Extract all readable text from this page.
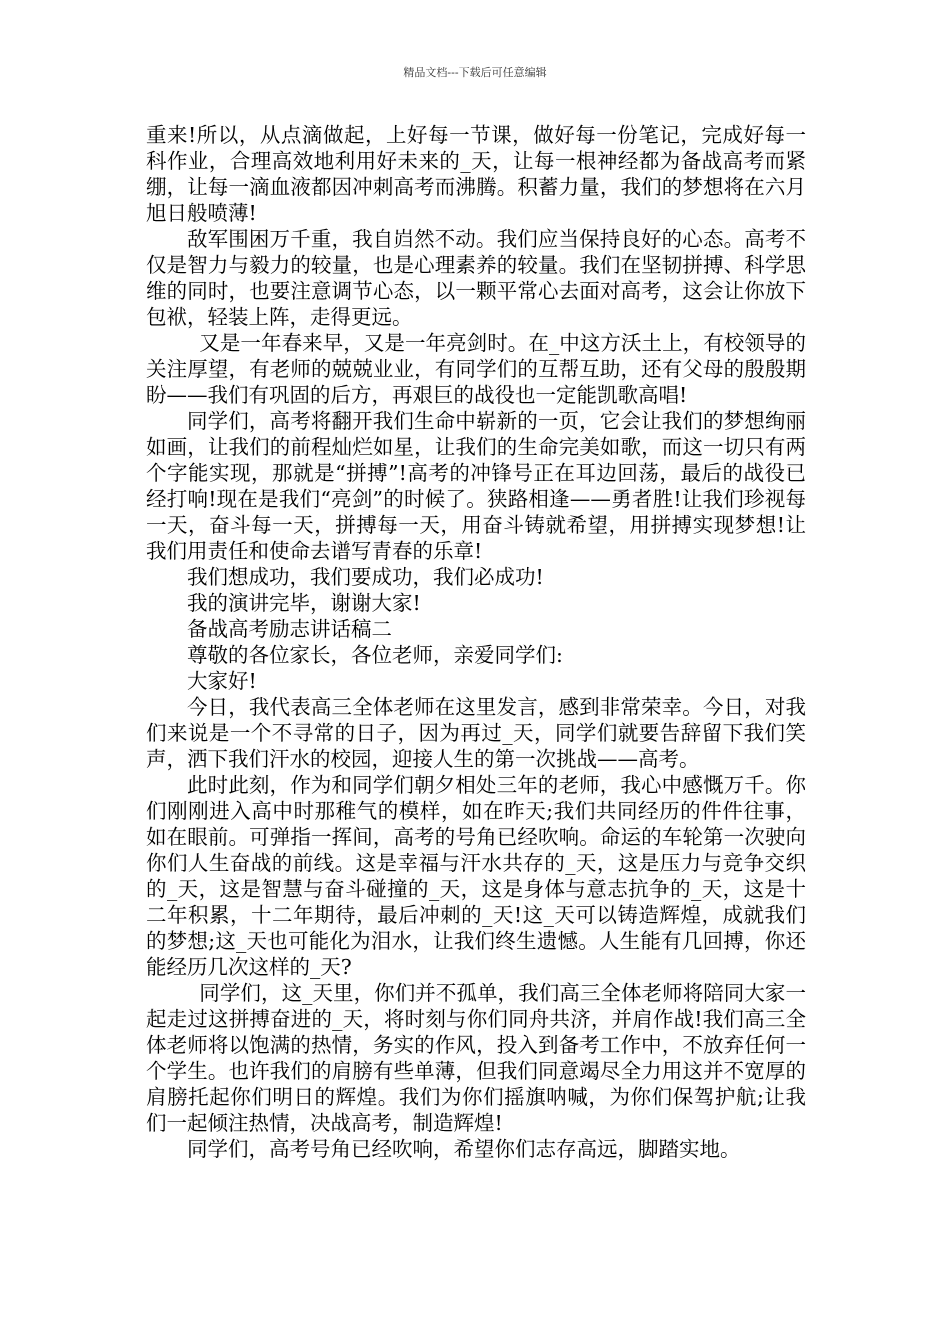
精品文档---下载后可任意编辑

重来!所以，从点滴做起，上好每一节课，做好每一份笔记，完成好每一科作业，合理高效地利用好未来的_天，让每一根神经都为备战高考而紧绷，让每一滴血液都因冲刺高考而沸腾。积蓄力量，我们的梦想将在六月旭日般喷薄!

敌军围困万千重，我自岿然不动。我们应当保持良好的心态。高考不仅是智力与毅力的较量，也是心理素养的较量。我们在坚韧拼搏、科学思维的同时，也要注意调节心态，以一颗平常心去面对高考，这会让你放下包袱，轻装上阵，走得更远。

又是一年春来早，又是一年亮剑时。在_中这方沃土上，有校领导的关注厚望，有老师的兢兢业业，有同学们的互帮互助，还有父母的殷殷期盼——我们有巩固的后方，再艰巨的战役也一定能凯歌高唱!

同学们，高考将翻开我们生命中崭新的一页，它会让我们的梦想绚丽如画，让我们的前程灿烂如星，让我们的生命完美如歌，而这一切只有两个字能实现，那就是“拼搏”!高考的冲锋号正在耳边回荡，最后的战役已经打响!现在是我们“亮剑”的时候了。狭路相逢——勇者胜!让我们珍视每一天，奋斗每一天，拼搏每一天，用奋斗铸就希望，用拼搏实现梦想!让我们用责任和使命去谱写青春的乐章!

我们想成功，我们要成功，我们必成功!

我的演讲完毕，谢谢大家!

备战高考励志讲话稿二

尊敬的各位家长，各位老师，亲爱同学们:

大家好!

今日，我代表高三全体老师在这里发言，感到非常荣幸。今日，对我们来说是一个不寻常的日子，因为再过_天，同学们就要告辞留下我们笑声，洒下我们汗水的校园，迎接人生的第一次挑战——高考。

此时此刻，作为和同学们朝夕相处三年的老师，我心中感慨万千。你们刚刚进入高中时那稚气的模样，如在昨天;我们共同经历的件件往事，如在眼前。可弹指一挥间，高考的号角已经吹响。命运的车轮第一次驶向你们人生奋战的前线。这是幸福与汗水共存的_天，这是压力与竞争交织的_天，这是智慧与奋斗碰撞的_天，这是身体与意志抗争的_天，这是十二年积累，十二年期待，最后冲刺的_天!这_天可以铸造辉煌，成就我们的梦想;这_天也可能化为泪水，让我们终生遗憾。人生能有几回搏，你还能经历几次这样的_天?

同学们，这_天里，你们并不孤单，我们高三全体老师将陪同大家一起走过这拼搏奋进的_天，将时刻与你们同舟共济，并肩作战!我们高三全体老师将以饱满的热情，务实的作风，投入到备考工作中，不放弃任何一个学生。也许我们的肩膀有些单薄，但我们同意竭尽全力用这并不宽厚的肩膀托起你们明日的辉煌。我们为你们摇旗呐喊，为你们保驾护航;让我们一起倾注热情，决战高考，制造辉煌!

同学们，高考号角已经吹响，希望你们志存高远，脚踏实地。
